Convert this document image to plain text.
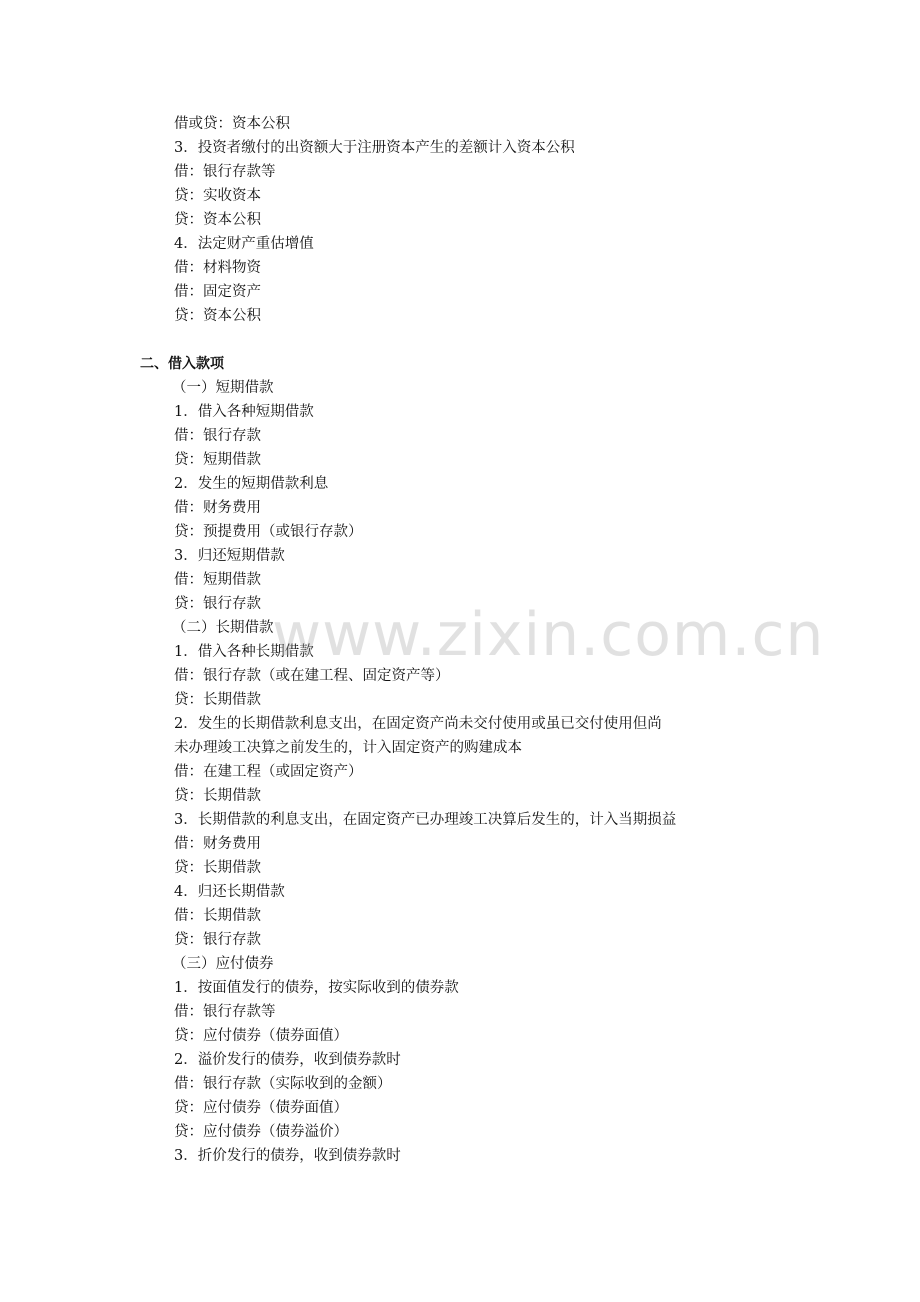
借或贷：资本公积
3．投资者缴付的出资额大于注册资本产生的差额计入资本公积
借：银行存款等
贷：实收资本
贷：资本公积
4．法定财产重估增值
借：材料物资
借：固定资产
贷：资本公积
二、借入款项
（一）短期借款
1．借入各种短期借款
借：银行存款
贷：短期借款
2．发生的短期借款利息
借：财务费用
贷：预提费用（或银行存款）
3．归还短期借款
借：短期借款
贷：银行存款
（二）长期借款
1．借入各种长期借款
借：银行存款（或在建工程、固定资产等）
贷：长期借款
2．发生的长期借款利息支出，在固定资产尚未交付使用或虽已交付使用但尚
未办理竣工决算之前发生的，计入固定资产的购建成本
借：在建工程（或固定资产）
贷：长期借款
3．长期借款的利息支出，在固定资产已办理竣工决算后发生的，计入当期损益
借：财务费用
贷：长期借款
4．归还长期借款
借：长期借款
贷：银行存款
（三）应付债券
1．按面值发行的债券，按实际收到的债券款
借：银行存款等
贷：应付债券（债券面值）
2．溢价发行的债券，收到债券款时
借：银行存款（实际收到的金额）
贷：应付债券（债券面值）
贷：应付债券（债券溢价）
3．折价发行的债券，收到债券款时
www.zixin.com.cn
